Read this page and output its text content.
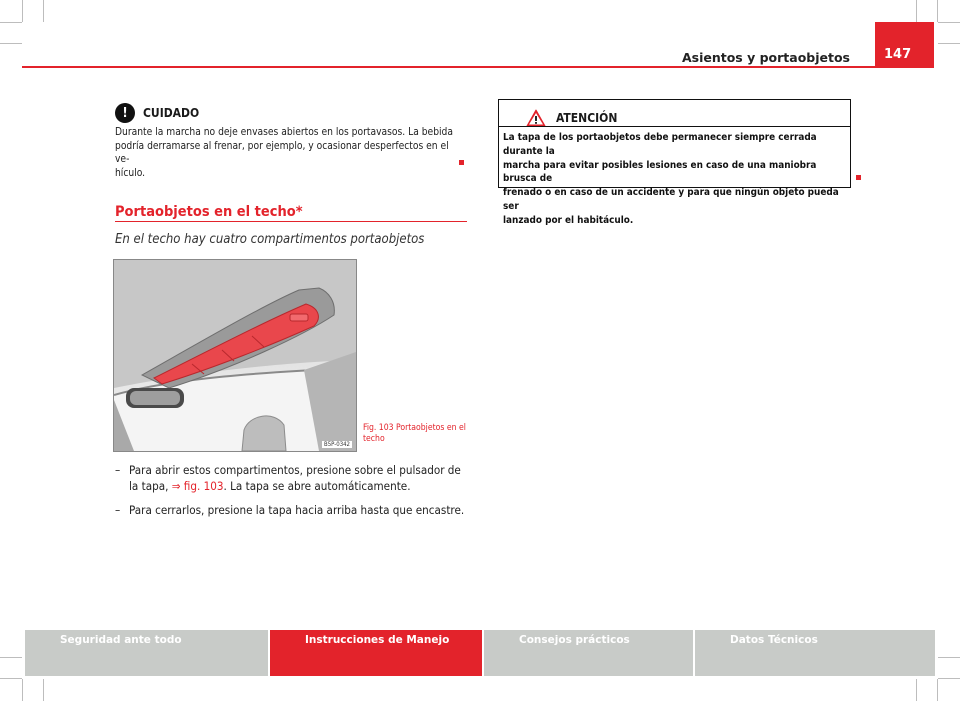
Asientos y portaobjetos	147
!	CUIDADO
Durante la marcha no deje envases abiertos en los portavasos. La bebida
podría derramarse al frenar, por ejemplo, y ocasionar desperfectos en el ve-
hículo.
Portaobjetos en el techo*
En el techo hay cuatro compartimentos portaobjetos
B5P-0342
Fig. 103 Portaobjetos en el techo
– Para abrir estos compartimentos, presione sobre el pulsador de
la tapa, ⇒ fig. 103. La tapa se abre automáticamente.
– Para cerrarlos, presione la tapa hacia arriba hasta que encastre.
ATENCIÓN
La tapa de los portaobjetos debe permanecer siempre cerrada durante la
marcha para evitar posibles lesiones en caso de una maniobra brusca de
frenado o en caso de un accidente y para que ningún objeto pueda ser
lanzado por el habitáculo.
Seguridad ante todo	Instrucciones de Manejo	Consejos prácticos	Datos Técnicos
